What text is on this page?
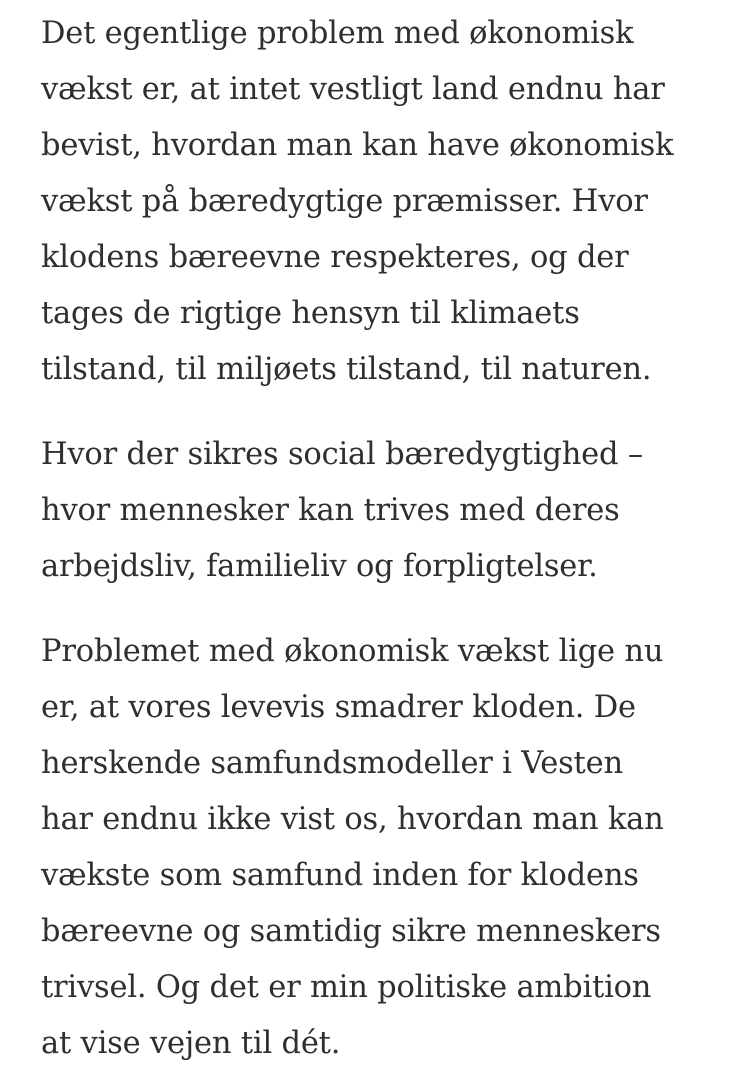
Det egentlige problem med økonomisk
vækst er, at intet vestligt land endnu har
bevist, hvordan man kan have økonomisk
vækst på bæredygtige præmisser. Hvor
klodens bæreevne respekteres, og der
tages de rigtige hensyn til klimaets
tilstand, til miljøets tilstand, til naturen.

Hvor der sikres social bæredygtighed –
hvor mennesker kan trives med deres
arbejdsliv, familieliv og forpligtelser.

Problemet med økonomisk vækst lige nu
er, at vores levevis smadrer kloden. De
herskende samfundsmodeller i Vesten
har endnu ikke vist os, hvordan man kan
vækste som samfund inden for klodens
bæreevne og samtidig sikre menneskers
trivsel. Og det er min politiske ambition
at vise vejen til dét.
